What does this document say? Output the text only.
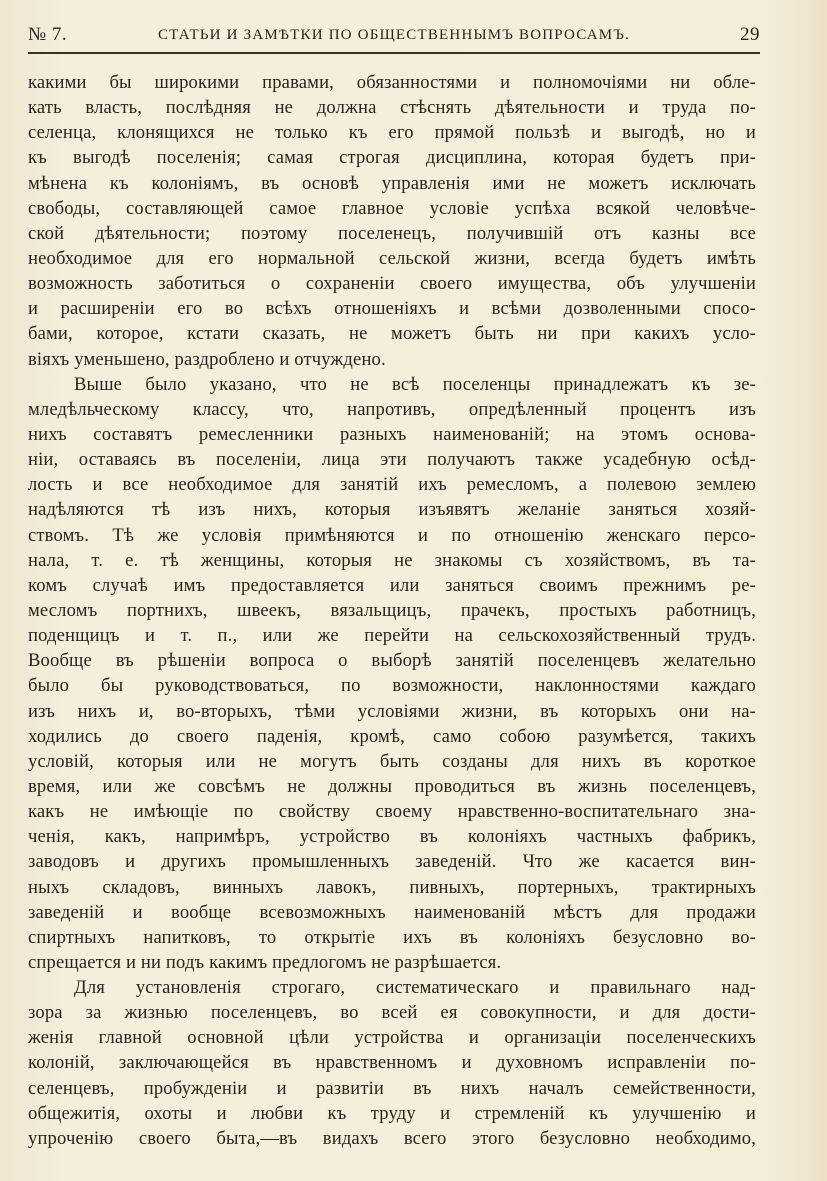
№ 7.	СТАТЬИ И ЗАМѢТКИ ПО ОБЩЕСТВЕННЫМЪ ВОПРОСАМЪ.	29
какими бы широкими правами, обязанностями и полномочіями ни обле-
кать власть, послѣдняя не должна стѣснять дѣятельности и труда по-
селенца, клонящихся не только къ его прямой пользѣ и выгодѣ, но и
къ выгодѣ поселенія; самая строгая дисциплина, которая будетъ при-
мѣнена къ колоніямъ, въ основѣ управленія ими не можетъ исключать
свободы, составляющей самое главное условіе успѣха всякой человѣче-
ской дѣятельности; поэтому поселенецъ, получившій отъ казны все
необходимое для его нормальной сельской жизни, всегда будетъ имѣть
возможность заботиться о сохраненіи своего имущества, объ улучшеніи
и расширеніи его во всѣхъ отношеніяхъ и всѣми дозволенными спосо-
бами, которое, кстати сказать, не можетъ быть ни при какихъ усло-
віяхъ уменьшено, раздроблено и отчуждено.
Выше было указано, что не всѣ поселенцы принадлежатъ къ зе-
мледѣльческому классу, что, напротивъ, опредѣленный процентъ изъ
нихъ составятъ ремесленники разныхъ наименованій; на этомъ основа-
ніи, оставаясь въ поселеніи, лица эти получаютъ также усадебную осѣд-
лость и все необходимое для занятій ихъ ремесломъ, а полевою землею
надѣляются тѣ изъ нихъ, которыя изъявятъ желаніе заняться хозяй-
ствомъ. Тѣ же условія примѣняются и по отношенію женскаго персо-
нала, т. е. тѣ женщины, которыя не знакомы съ хозяйствомъ, въ та-
комъ случаѣ имъ предоставляется или заняться своимъ прежнимъ ре-
месломъ портнихъ, швеекъ, вязальщицъ, прачекъ, простыхъ работницъ,
поденщицъ и т. п., или же перейти на сельскохозяйственный трудъ.
Вообще въ рѣшеніи вопроса о выборѣ занятій поселенцевъ желательно
было бы руководствоваться, по возможности, наклонностями каждаго
изъ нихъ и, во-вторыхъ, тѣми условіями жизни, въ которыхъ они на-
ходились до своего паденія, кромѣ, само собою разумѣется, такихъ
условій, которыя или не могутъ быть созданы для нихъ въ короткое
время, или же совсѣмъ не должны проводиться въ жизнь поселенцевъ,
какъ не имѣющіе по свойству своему нравственно-воспитательнаго зна-
ченія, какъ, напримѣръ, устройство въ колоніяхъ частныхъ фабрикъ,
заводовъ и другихъ промышленныхъ заведеній. Что же касается вин-
ныхъ складовъ, винныхъ лавокъ, пивныхъ, портерныхъ, трактирныхъ
заведеній и вообще всевозможныхъ наименованій мѣстъ для продажи
спиртныхъ напитковъ, то открытіе ихъ въ колоніяхъ безусловно во-
спрещается и ни подъ какимъ предлогомъ не разрѣшается.
Для установленія строгаго, систематическаго и правильнаго над-
зора за жизнью поселенцевъ, во всей ея совокупности, и для дости-
женія главной основной цѣли устройства и организаціи поселенческихъ
колоній, заключающейся въ нравственномъ и духовномъ исправленіи по-
селенцевъ, пробужденіи и развитіи въ нихъ началъ семейственности,
общежитія, охоты и любви къ труду и стремленій къ улучшенію и
упроченію своего быта,—въ видахъ всего этого безусловно необходимо,
